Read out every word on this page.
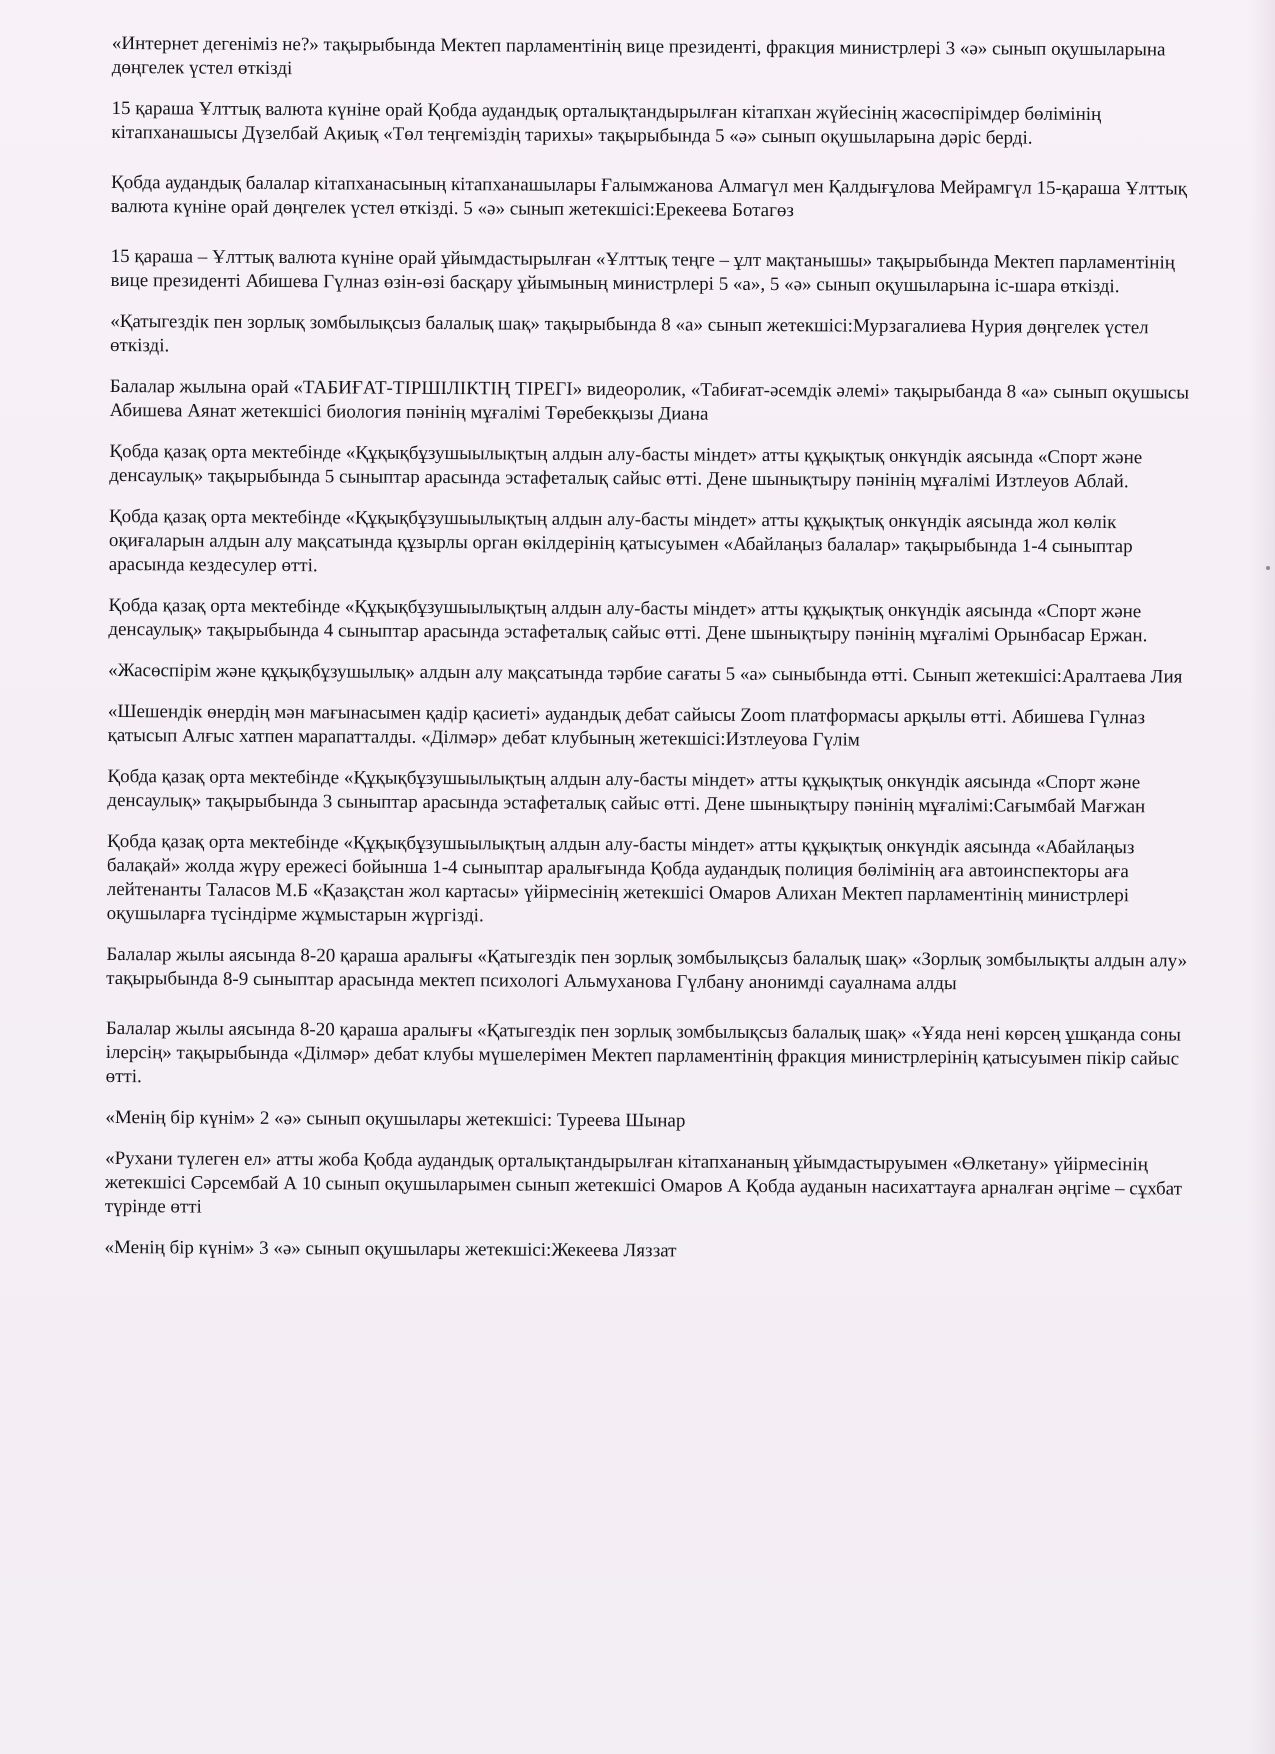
«Интернет дегеніміз не?» тақырыбында Мектеп парламентінің вице президенті, фракция министрлері 3 «ә» сынып оқушыларына дөңгелек үстел өткізді

15 қараша Ұлттық валюта күніне орай Қобда аудандық орталықтандырылған кітапхан жүйесінің жасөспірімдер бөлімінің кітапханашысы Дүзелбай Ақиық «Төл теңгеміздің тарихы» тақырыбында 5 «ә» сынып оқушыларына дәріс берді.

Қобда аудандық балалар кітапханасының кітапханашылары Ғалымжанова Алмагүл мен Қалдығұлова Мейрамгүл 15-қараша Ұлттық валюта күніне орай дөңгелек үстел өткізді. 5 «ә» сынып жетекшісі:Ерекеева Ботагөз

15 қараша – Ұлттық валюта күніне орай ұйымдастырылған «Ұлттық теңге – ұлт мақтанышы» тақырыбында Мектеп парламентінің вице президенті Абишева Гүлназ өзін-өзі басқару ұйымының министрлері 5 «а», 5 «ә» сынып оқушыларына іс-шара өткізді.

«Қатыгездік пен зорлық зомбылықсыз балалық шақ» тақырыбында 8 «а» сынып жетекшісі:Мурзагалиева Нурия дөңгелек үстел өткізді.

Балалар жылына орай «ТАБИҒАТ-ТІРШІЛІКТІҢ ТІРЕГІ» видеоролик, «Табиғат-әсемдік әлемі» тақырыбанда 8 «а» сынып оқушысы Абишева Аянат жетекшісі биология пәнінің мұғалімі Төребекқызы Диана

Қобда қазақ орта мектебінде «Құқықбұзушыылықтың алдын алу-басты міндет» атты құқықтық онкүндік аясында «Спорт және денсаулық» тақырыбында 5 сыныптар арасында эстафеталық сайыс өтті. Дене шынықтыру пәнінің мұғалімі Изтлеуов Аблай.

Қобда қазақ орта мектебінде «Құқықбұзушыылықтың алдын алу-басты міндет» атты құқықтық онкүндік аясында жол көлік оқиғаларын алдын алу мақсатында құзырлы орган өкілдерінің қатысуымен «Абайлаңыз балалар» тақырыбында 1-4 сыныптар арасында кездесулер өтті.

Қобда қазақ орта мектебінде «Құқықбұзушыылықтың алдын алу-басты міндет» атты құқықтық онкүндік аясында «Спорт және денсаулық» тақырыбында 4 сыныптар арасында эстафеталық сайыс өтті. Дене шынықтыру пәнінің мұғалімі Орынбасар Ержан.

«Жасөспірім және құқықбұзушылық» алдын алу мақсатында тәрбие сағаты 5 «а» сыныбында өтті. Сынып жетекшісі:Аралтаева Лия

«Шешендік өнердің мән мағынасымен қадір қасиеті» аудандық дебат сайысы Zoom платформасы арқылы өтті. Абишева Гүлназ қатысып Алғыс хатпен марапатталды. «Ділмәр» дебат клубының жетекшісі:Изтлеуова Гүлім

Қобда қазақ орта мектебінде «Құқықбұзушыылықтың алдын алу-басты міндет» атты құқықтық онкүндік аясында «Спорт және денсаулық» тақырыбында 3 сыныптар арасында эстафеталық сайыс өтті. Дене шынықтыру пәнінің мұғалімі:Сағымбай Мағжан

Қобда қазақ орта мектебінде «Құқықбұзушыылықтың алдын алу-басты міндет» атты құқықтық онкүндік аясында «Абайлаңыз балақай» жолда жүру ережесі бойынша 1-4 сыныптар аралығында Қобда аудандық полиция бөлімінің аға автоинспекторы аға лейтенанты Таласов М.Б «Қазақстан жол картасы» үйірмесінің жетекшісі Омаров Алихан Мектеп парламентінің министрлері оқушыларға түсіндірме жұмыстарын жүргізді.

Балалар жылы аясында 8-20 қараша аралығы «Қатыгездік пен зорлық зомбылықсыз балалық шақ» «Зорлық зомбылықты алдын алу» тақырыбында 8-9 сыныптар арасында мектеп психологі Альмуханова Гүлбану анонимді сауалнама алды

Балалар жылы аясында 8-20 қараша аралығы «Қатыгездік пен зорлық зомбылықсыз балалық шақ» «Ұяда нені көрсең ұшқанда соны ілерсің» тақырыбында «Ділмәр» дебат клубы мүшелерімен Мектеп парламентінің фракция министрлерінің қатысуымен пікір сайыс өтті.

«Менің бір күнім» 2 «ә» сынып оқушылары жетекшісі: Туреева Шынар

«Рухани түлеген ел» атты жоба Қобда аудандық орталықтандырылған кітапхананың ұйымдастыруымен «Өлкетану» үйірмесінің жетекшісі Сәрсембай А 10 сынып оқушыларымен сынып жетекшісі Омаров А Қобда ауданын насихаттауға арналған әңгіме – сұхбат түрінде өтті

«Менің бір күнім» 3 «ә» сынып оқушылары жетекшісі:Жекеева Ляззат
